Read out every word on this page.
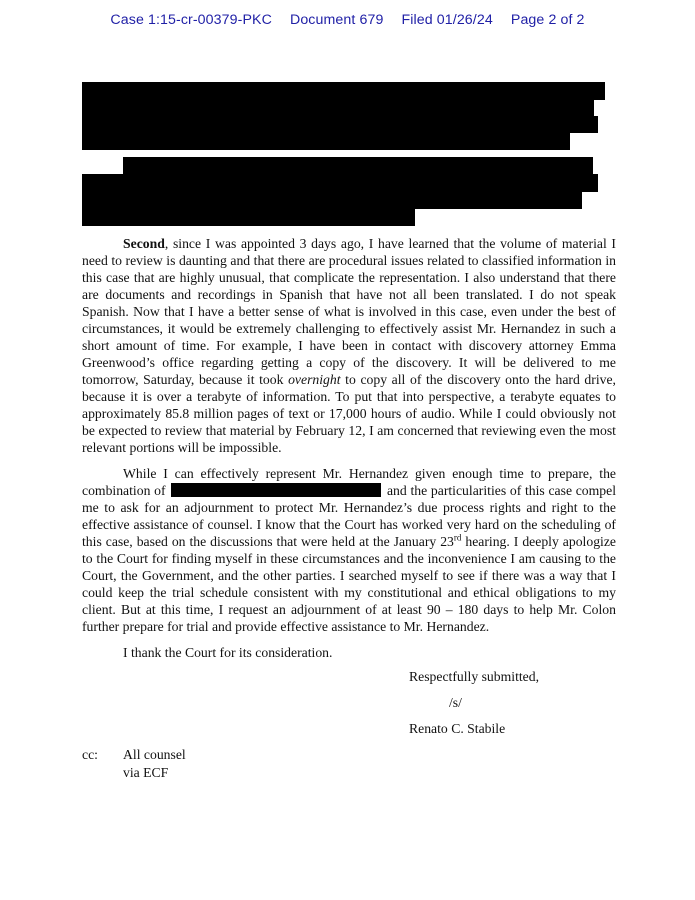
Case 1:15-cr-00379-PKC Document 679 Filed 01/26/24 Page 2 of 2

Second, since I was appointed 3 days ago, I have learned that the volume of material I need to review is daunting and that there are procedural issues related to classified information in this case that are highly unusual, that complicate the representation. I also understand that there are documents and recordings in Spanish that have not all been translated. I do not speak Spanish. Now that I have a better sense of what is involved in this case, even under the best of circumstances, it would be extremely challenging to effectively assist Mr. Hernandez in such a short amount of time. For example, I have been in contact with discovery attorney Emma Greenwood’s office regarding getting a copy of the discovery. It will be delivered to me tomorrow, Saturday, because it took overnight to copy all of the discovery onto the hard drive, because it is over a terabyte of information. To put that into perspective, a terabyte equates to approximately 85.8 million pages of text or 17,000 hours of audio. While I could obviously not be expected to review that material by February 12, I am concerned that reviewing even the most relevant portions will be impossible.

While I can effectively represent Mr. Hernandez given enough time to prepare, the combination of	and the particularities of this case compel me to ask for an adjournment to protect Mr. Hernandez’s due process rights and right to the effective assistance of counsel. I know that the Court has worked very hard on the scheduling of this case, based on the discussions that were held at the January 23rd hearing. I deeply apologize to the Court for finding myself in these circumstances and the inconvenience I am causing to the Court, the Government, and the other parties. I searched myself to see if there was a way that I could keep the trial schedule consistent with my constitutional and ethical obligations to my client. But at this time, I request an adjournment of at least 90 – 180 days to help Mr. Colon further prepare for trial and provide effective assistance to Mr. Hernandez.

I thank the Court for its consideration.

Respectfully submitted,
/s/
Renato C. Stabile
cc: All counsel
via ECF
